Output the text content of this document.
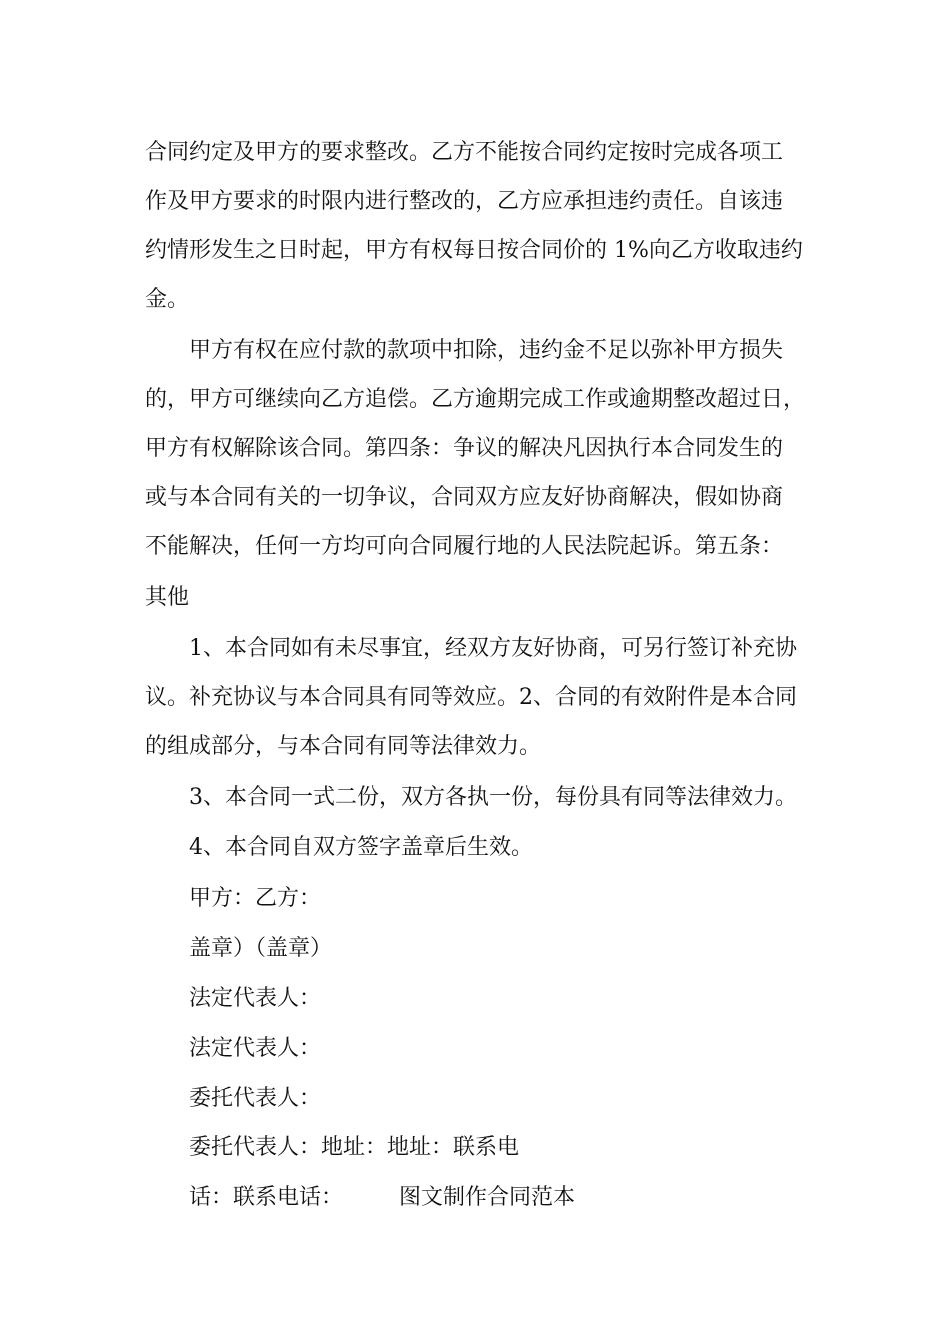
合同约定及甲方的要求整改。乙方不能按合同约定按时完成各项工
作及甲方要求的时限内进行整改的，乙方应承担违约责任。自该违
约情形发生之日时起，甲方有权每日按合同价的 1%向乙方收取违约
金。
甲方有权在应付款的款项中扣除，违约金不足以弥补甲方损失
的，甲方可继续向乙方追偿。乙方逾期完成工作或逾期整改超过日，
甲方有权解除该合同。第四条：争议的解决凡因执行本合同发生的
或与本合同有关的一切争议，合同双方应友好协商解决，假如协商
不能解决，任何一方均可向合同履行地的人民法院起诉。第五条：
其他
1、本合同如有未尽事宜，经双方友好协商，可另行签订补充协
议。补充协议与本合同具有同等效应。2、合同的有效附件是本合同
的组成部分，与本合同有同等法律效力。
3、本合同一式二份，双方各执一份，每份具有同等法律效力。
4、本合同自双方签字盖章后生效。
甲方：乙方：
盖章）（盖章）
法定代表人：
法定代表人：
委托代表人：
委托代表人：地址：地址：联系电
话：联系电话：	图文制作合同范本
